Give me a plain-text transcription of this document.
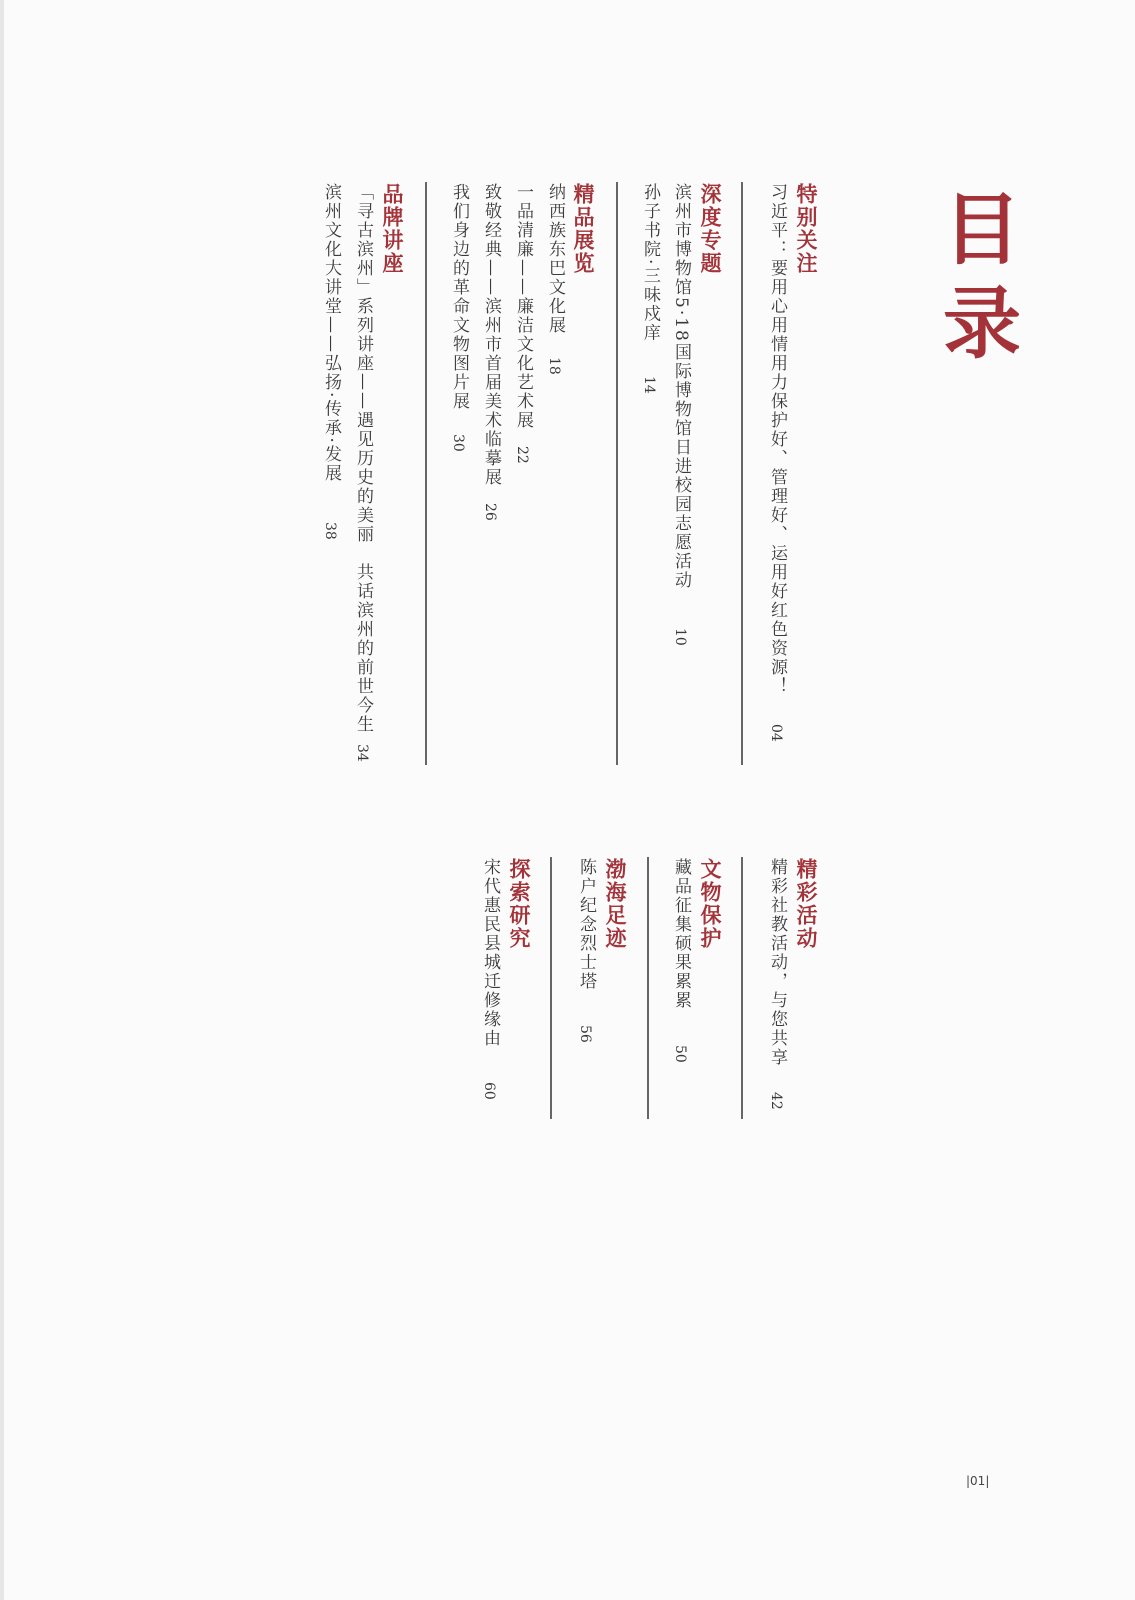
目录
特别关注
习近平：要用心用情用力保护好、管理好、运用好红色资源！
04
深度专题
滨州市博物馆5·18国际博物馆日进校园志愿活动
10
孙子书院·三味戍庠
14
精品展览
纳西族东巴文化展
18
一品清廉——廉洁文化艺术展
22
致敬经典——滨州市首届美术临摹展
26
我们身边的革命文物图片展
30
品牌讲座
「寻古滨州」系列讲座——遇见历史的美丽　共话滨州的前世今生
34
滨州文化大讲堂——弘扬·传承·发展
38
精彩活动
精彩社教活动，与您共享
42
文物保护
藏品征集硕果累累
50
渤海足迹
陈户纪念烈士塔
56
探索研究
宋代惠民县城迁修缘由
60
|01|
